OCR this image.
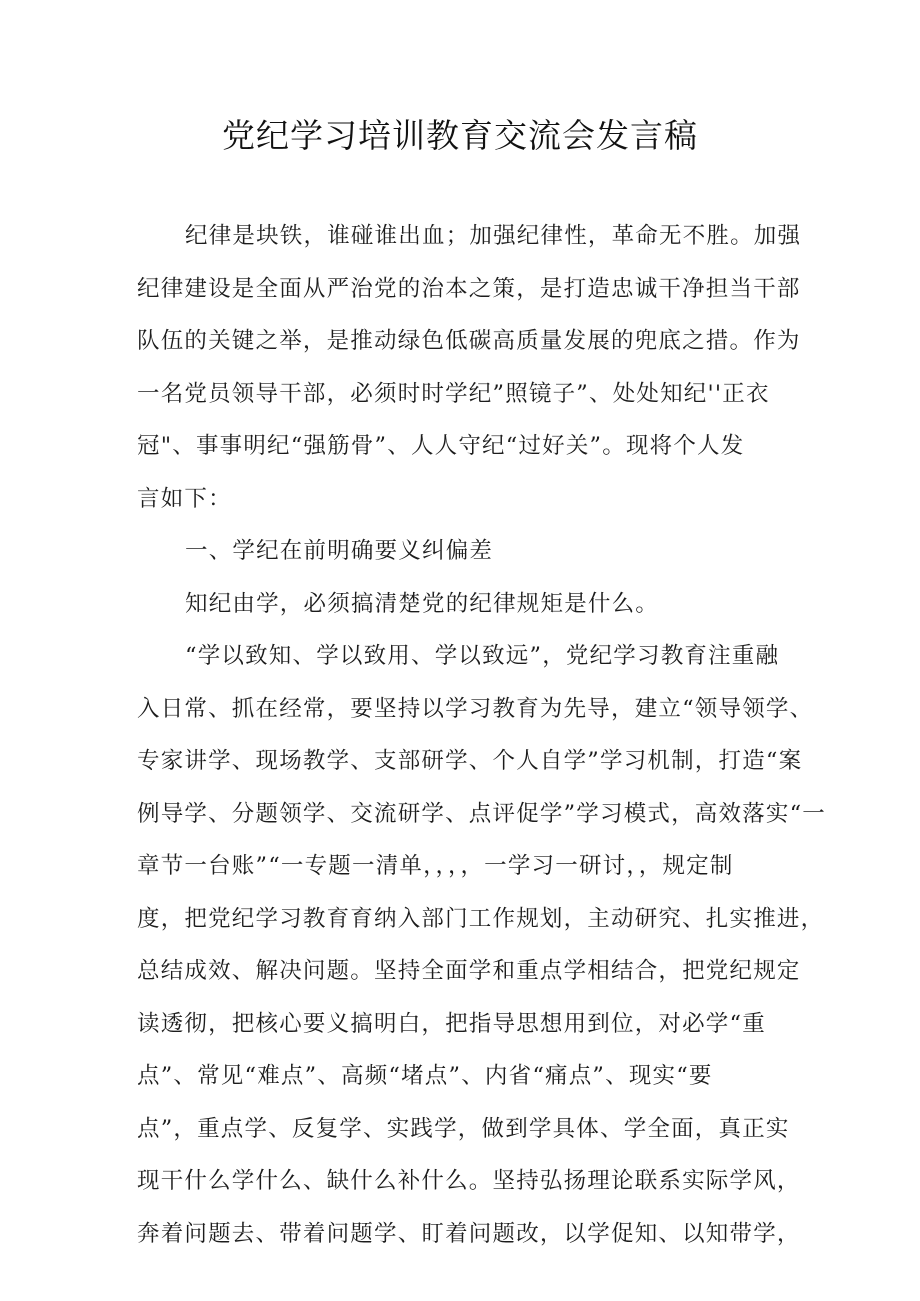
党纪学习培训教育交流会发言稿
纪律是块铁，谁碰谁出血；加强纪律性，革命无不胜。加强
纪律建设是全面从严治党的治本之策，是打造忠诚干净担当干部
队伍的关键之举，是推动绿色低碳高质量发展的兜底之措。作为
一名党员领导干部，必须时时学纪”照镜子”、处处知纪''正衣
冠"、事事明纪“强筋骨”、人人守纪“过好关”。现将个人发
言如下：
一、学纪在前明确要义纠偏差
知纪由学，必须搞清楚党的纪律规矩是什么。
“学以致知、学以致用、学以致远”，党纪学习教育注重融
入日常、抓在经常，要坚持以学习教育为先导，建立“领导领学、
专家讲学、现场教学、支部研学、个人自学”学习机制，打造“案
例导学、分题领学、交流研学、点评促学”学习模式，高效落实“一
章节一台账”“一专题一清单，，，，一学习一研讨，，规定制
度，把党纪学习教育育纳入部门工作规划，主动研究、扎实推进，
总结成效、解决问题。坚持全面学和重点学相结合，把党纪规定
读透彻，把核心要义搞明白，把指导思想用到位，对必学“重
点”、常见“难点”、高频“堵点”、内省“痛点”、现实“要
点”，重点学、反复学、实践学，做到学具体、学全面，真正实
现干什么学什么、缺什么补什么。坚持弘扬理论联系实际学风，
奔着问题去、带着问题学、盯着问题改，以学促知、以知带学，
